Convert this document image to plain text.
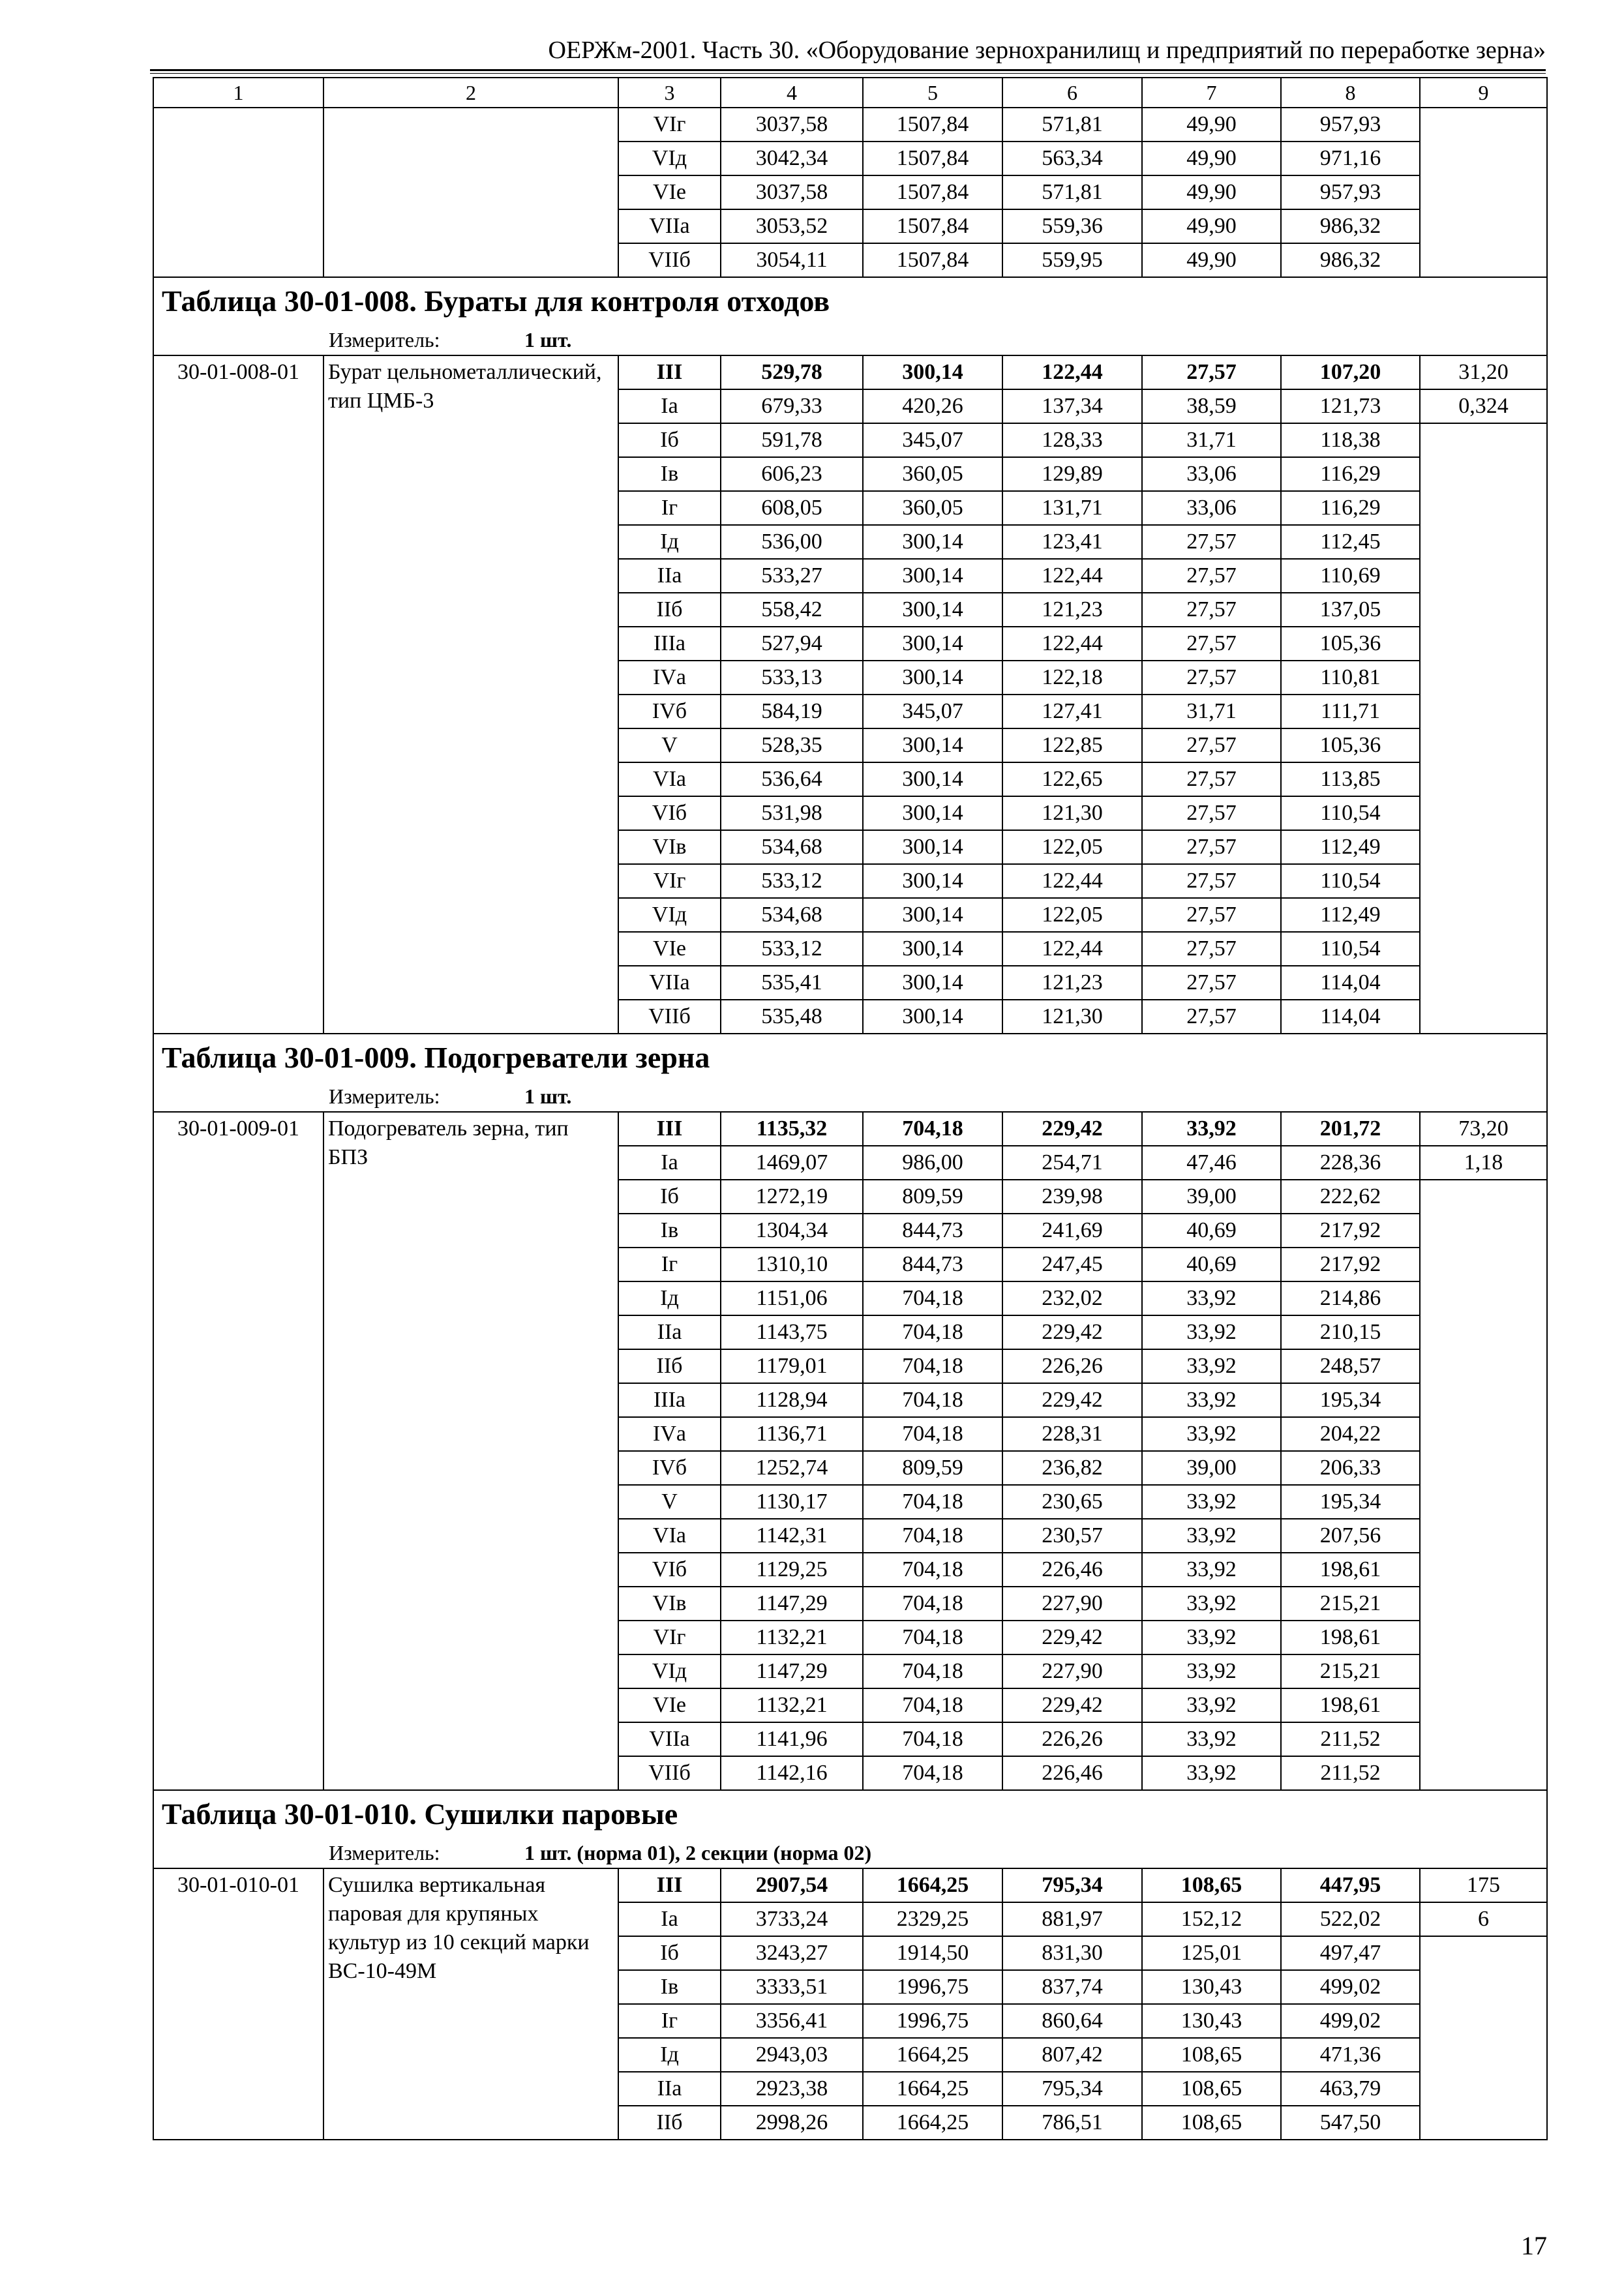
ОЕРЖм-2001. Часть 30. «Оборудование зернохранилищ и предприятий по переработке зерна»
1	2	3	4	5	6	7	8	9
		VIг	3037,58	1507,84	571,81	49,90	957,93	
		VIд	3042,34	1507,84	563,34	49,90	971,16	
		VIе	3037,58	1507,84	571,81	49,90	957,93	
		VIIа	3053,52	1507,84	559,36	49,90	986,32	
		VIIб	3054,11	1507,84	559,95	49,90	986,32	
Таблица 30-01-008. Бураты для контроля отходов								
Измеритель: 1 шт.								
30-01-008-01	Бурат цельнометаллический, тип ЦМБ-3	III	529,78	300,14	122,44	27,57	107,20	31,20
		Iа	679,33	420,26	137,34	38,59	121,73	0,324
		Iб	591,78	345,07	128,33	31,71	118,38	
		Iв	606,23	360,05	129,89	33,06	116,29	
		Iг	608,05	360,05	131,71	33,06	116,29	
		Iд	536,00	300,14	123,41	27,57	112,45	
		IIа	533,27	300,14	122,44	27,57	110,69	
		IIб	558,42	300,14	121,23	27,57	137,05	
		IIIа	527,94	300,14	122,44	27,57	105,36	
		IVа	533,13	300,14	122,18	27,57	110,81	
		IVб	584,19	345,07	127,41	31,71	111,71	
		V	528,35	300,14	122,85	27,57	105,36	
		VIа	536,64	300,14	122,65	27,57	113,85	
		VIб	531,98	300,14	121,30	27,57	110,54	
		VIв	534,68	300,14	122,05	27,57	112,49	
		VIг	533,12	300,14	122,44	27,57	110,54	
		VIд	534,68	300,14	122,05	27,57	112,49	
		VIе	533,12	300,14	122,44	27,57	110,54	
		VIIа	535,41	300,14	121,23	27,57	114,04	
		VIIб	535,48	300,14	121,30	27,57	114,04	
Таблица 30-01-009. Подогреватели зерна								
Измеритель: 1 шт.								
30-01-009-01	Подогреватель зерна, тип БПЗ	III	1135,32	704,18	229,42	33,92	201,72	73,20
		Iа	1469,07	986,00	254,71	47,46	228,36	1,18
		Iб	1272,19	809,59	239,98	39,00	222,62	
		Iв	1304,34	844,73	241,69	40,69	217,92	
		Iг	1310,10	844,73	247,45	40,69	217,92	
		Iд	1151,06	704,18	232,02	33,92	214,86	
		IIа	1143,75	704,18	229,42	33,92	210,15	
		IIб	1179,01	704,18	226,26	33,92	248,57	
		IIIа	1128,94	704,18	229,42	33,92	195,34	
		IVа	1136,71	704,18	228,31	33,92	204,22	
		IVб	1252,74	809,59	236,82	39,00	206,33	
		V	1130,17	704,18	230,65	33,92	195,34	
		VIа	1142,31	704,18	230,57	33,92	207,56	
		VIб	1129,25	704,18	226,46	33,92	198,61	
		VIв	1147,29	704,18	227,90	33,92	215,21	
		VIг	1132,21	704,18	229,42	33,92	198,61	
		VIд	1147,29	704,18	227,90	33,92	215,21	
		VIе	1132,21	704,18	229,42	33,92	198,61	
		VIIа	1141,96	704,18	226,26	33,92	211,52	
		VIIб	1142,16	704,18	226,46	33,92	211,52	
Таблица 30-01-010. Сушилки паровые								
Измеритель: 1 шт. (норма 01), 2 секции (норма 02)								
30-01-010-01	Сушилка вертикальная паровая для крупяных культур из 10 секций марки ВС-10-49М	III	2907,54	1664,25	795,34	108,65	447,95	175
		Iа	3733,24	2329,25	881,97	152,12	522,02	6
		Iб	3243,27	1914,50	831,30	125,01	497,47	
		Iв	3333,51	1996,75	837,74	130,43	499,02	
		Iг	3356,41	1996,75	860,64	130,43	499,02	
		Iд	2943,03	1664,25	807,42	108,65	471,36	
		IIа	2923,38	1664,25	795,34	108,65	463,79	
		IIб	2998,26	1664,25	786,51	108,65	547,50	
17
